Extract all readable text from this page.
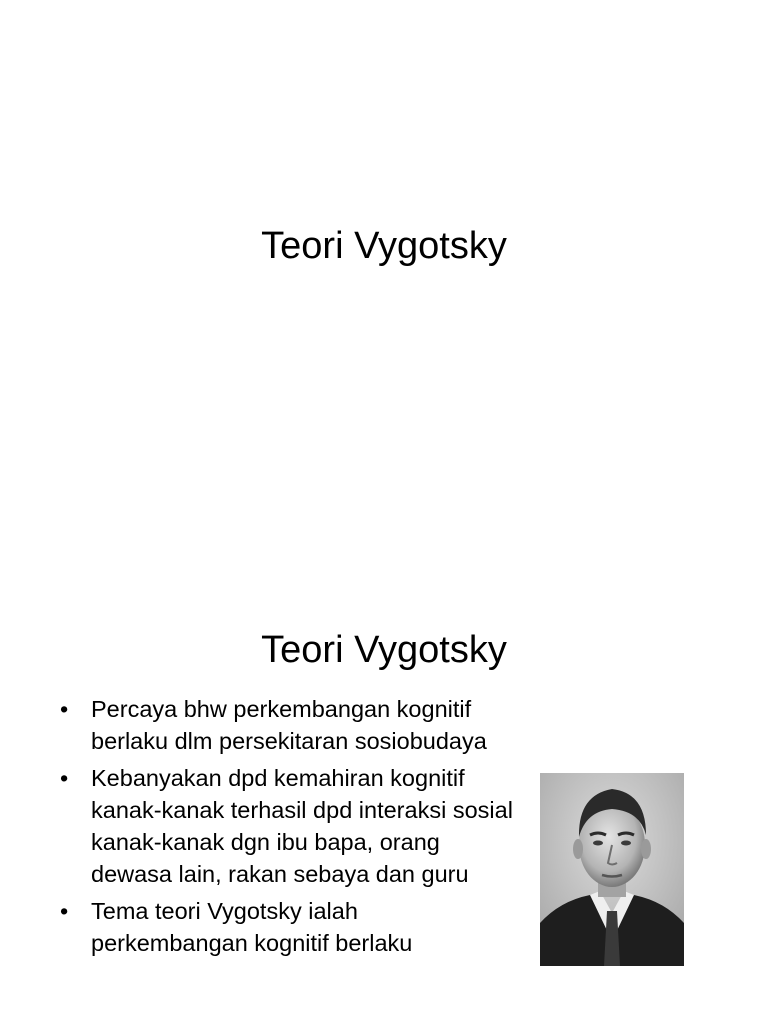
Teori Vygotsky
Teori Vygotsky
• Percaya bhw perkembangan kognitif berlaku dlm persekitaran sosiobudaya
• Kebanyakan dpd kemahiran kognitif kanak-kanak terhasil dpd interaksi sosial kanak-kanak dgn ibu bapa, orang dewasa lain, rakan sebaya dan guru
• Tema teori Vygotsky ialah perkembangan kognitif berlaku
